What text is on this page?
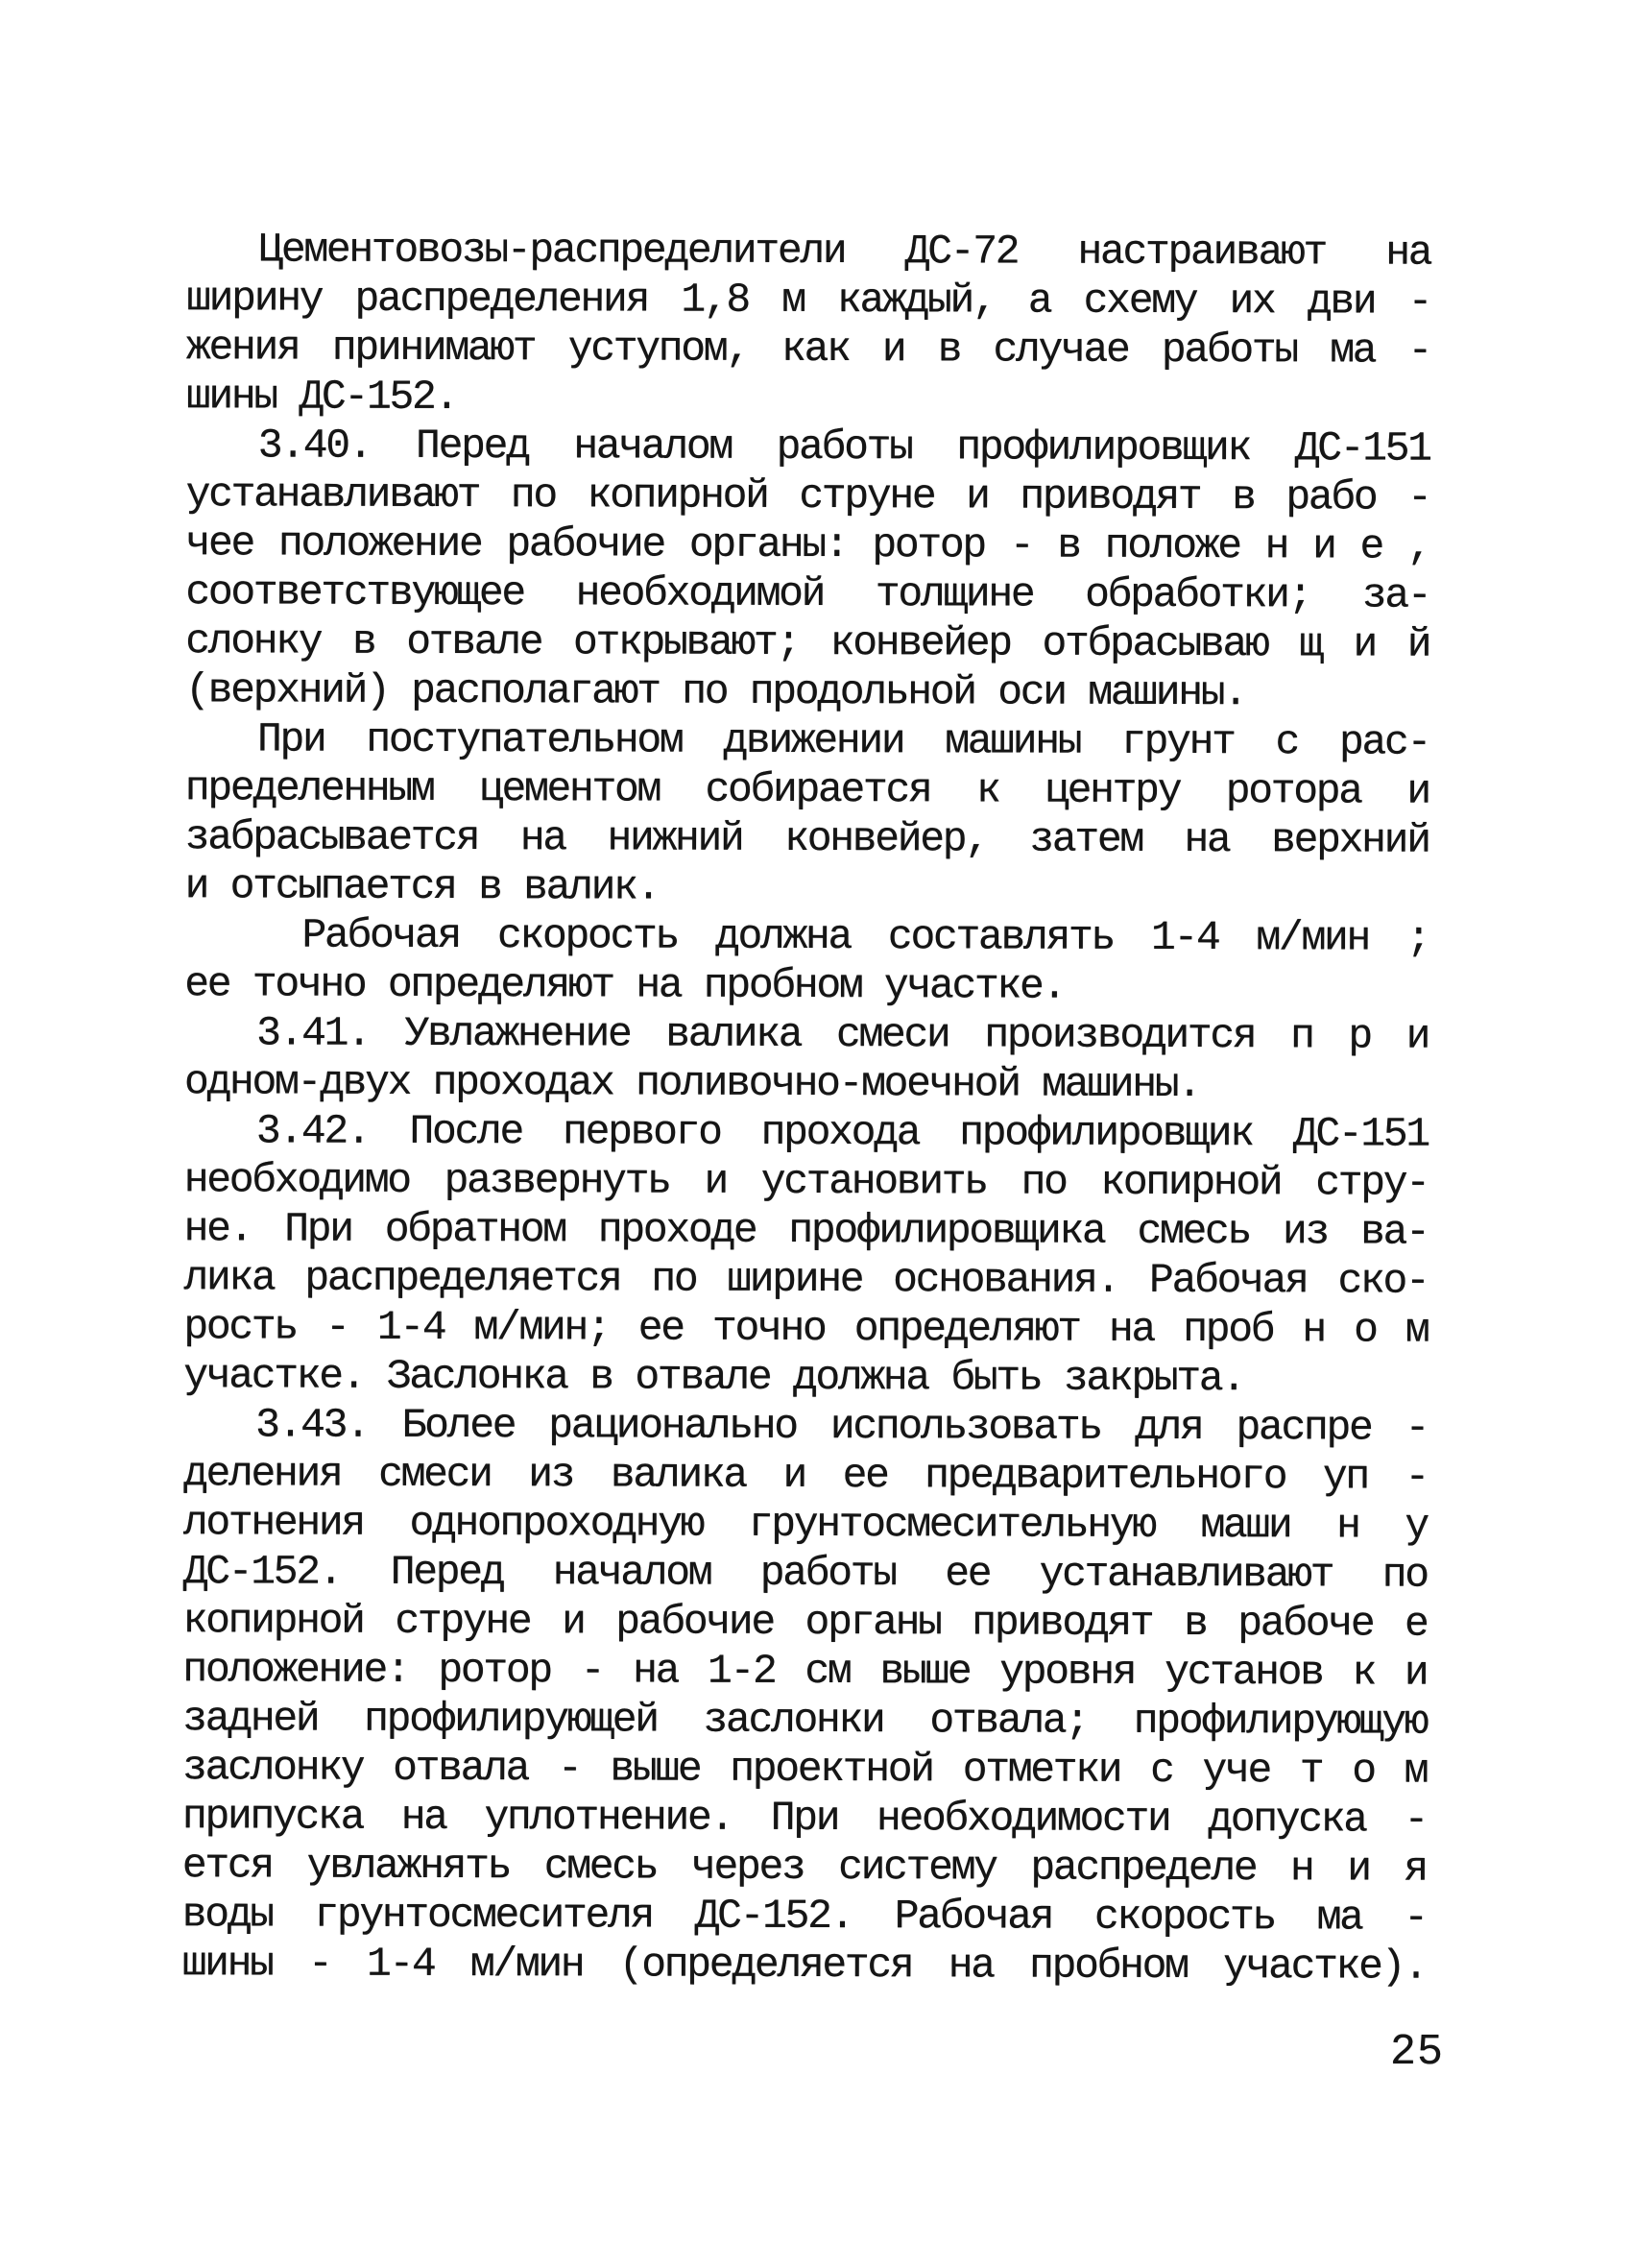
Цементовозы-распределители ДС-72 настраивают на
ширину распределения 1,8 м каждый, а схему их дви -
жения принимают уступом, как и в случае работы ма -
шины ДС-152.
3.40. Перед началом работы профилировщик ДС-151
устанавливают по копирной струне и приводят в рабо -
чее положение рабочие органы: ротор - в положе н и е ,
соответствующее необходимой толщине обработки; за-
слонку в отвале открывают; конвейер отбрасываю щ и й
(верхний) располагают по продольной оси машины.
При поступательном движении машины грунт с рас-
пределенным цементом собирается к центру ротора и
забрасывается на нижний конвейер, затем на верхний
и отсыпается в валик.
Рабочая скорость должна составлять 1-4 м/мин ;
ее точно определяют на пробном участке.
3.41. Увлажнение валика смеси производится п р и
одном-двух проходах поливочно-моечной машины.
3.42. После первого прохода профилировщик ДС-151
необходимо развернуть и установить по копирной стру-
не. При обратном проходе профилировщика смесь из ва-
лика распределяется по ширине основания. Рабочая ско-
рость - 1-4 м/мин; ее точно определяют на проб н о м
участке. Заслонка в отвале должна быть закрыта.
3.43. Более рационально использовать для распре -
деления смеси из валика и ее предварительного уп -
лотнения однопроходную грунтосмесительную маши н у
ДС-152. Перед началом работы ее устанавливают по
копирной струне и рабочие органы приводят в рабоче е
положение: ротор - на 1-2 см выше уровня установ к и
задней профилирующей заслонки отвала; профилирующую
заслонку отвала - выше проектной отметки с уче т о м
припуска на уплотнение. При необходимости допуска -
ется увлажнять смесь через систему распределе н и я
воды грунтосмесителя ДС-152. Рабочая скорость ма -
шины - 1-4 м/мин (определяется на пробном участке).
25
